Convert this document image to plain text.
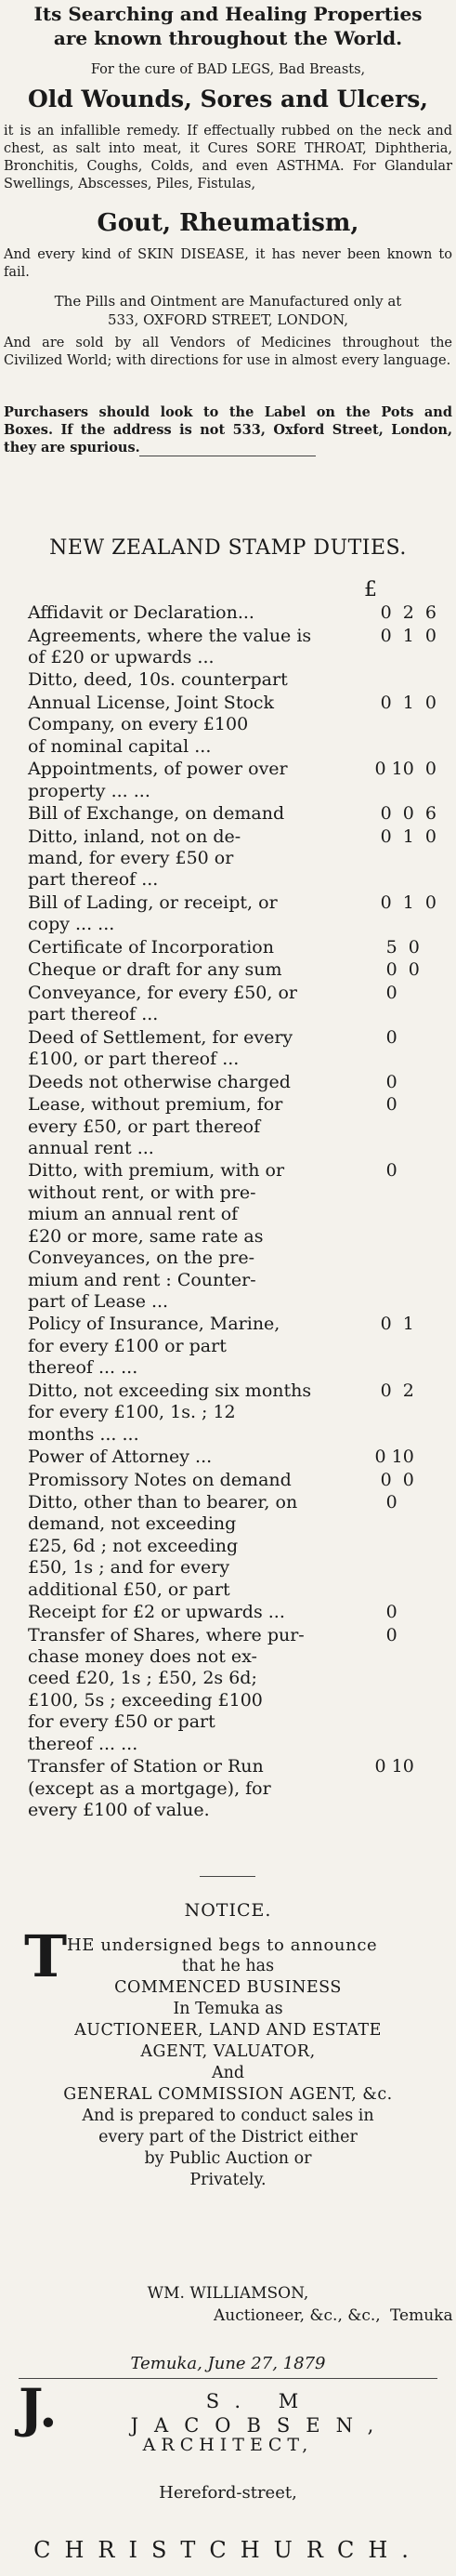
Its Searching and Healing Properties
are known throughout the World.
For the cure of BAD LEGS, Bad Breasts,
Old Wounds, Sores and Ulcers,
it is an infallible remedy. If effectually rubbed on the neck and chest, as salt into meat, it Cures SORE THROAT, Diphtheria, Bronchitis, Coughs, Colds, and even ASTHMA. For Glandular Swellings, Abscesses, Piles, Fistulas,
Gout, Rheumatism,
And every kind of SKIN DISEASE, it has never been known to fail.
The Pills and Ointment are Manufactured only at
533, OXFORD STREET, LONDON,
And are sold by all Vendors of Medicines throughout the Civilized World; with directions for use in almost every language.
Purchasers should look to the Label on the Pots and Boxes. If the address is not 533, Oxford Street, London, they are spurious.
NEW ZEALAND STAMP DUTIES.
£
0  2  6
Affidavit or Declaration...
0  1  0
Agreements, where the value is
of £20 or upwards ...
Ditto, deed, 10s. counterpart
0  1  0
Annual License, Joint Stock
Company, on every £100
of nominal capital ...
0 10  0
Appointments, of power over
property ... ...
0  0  6
Bill of Exchange, on demand
0  1  0
Ditto, inland, not on de-
mand, for every £50 or
part thereof ...
0  1  0
Bill of Lading, or receipt, or
copy ... ...
5  0
Certificate of Incorporation
0  0
Cheque or draft for any sum
0
Conveyance, for every £50, or
part thereof ...
0
Deed of Settlement, for every
£100, or part thereof ...
0
Deeds not otherwise charged
0
Lease, without premium, for
every £50, or part thereof
annual rent ...
0
Ditto, with premium, with or
without rent, or with pre-
mium an annual rent of
£20 or more, same rate as
Conveyances, on the pre-
mium and rent : Counter-
part of Lease ...
0  1
Policy of Insurance, Marine,
for every £100 or part
thereof ... ...
0  2
Ditto, not exceeding six months
for every £100, 1s. ; 12
months ... ...
0 10
Power of Attorney ...
0  0
Promissory Notes on demand
0
Ditto, other than to bearer, on
demand, not exceeding
£25, 6d ; not exceeding
£50, 1s ; and for every
additional £50, or part
0
Receipt for £2 or upwards ...
0
Transfer of Shares, where pur-
chase money does not ex-
ceed £20, 1s ; £50, 2s 6d;
£100, 5s ; exceeding £100
for every £50 or part
thereof ... ...
0 10
Transfer of Station or Run
(except as a mortgage), for
every £100 of value.
NOTICE.
T HE undersigned begs to announce
that he has
COMMENCED BUSINESS
In Temuka as
AUCTIONEER, LAND AND ESTATE
AGENT, VALUATOR,
And
GENERAL COMMISSION AGENT, &c.
And is prepared to conduct sales in
every part of the District either
by Public Auction or
Privately.
WM. WILLIAMSON,
Auctioneer, &c., &c., Temuka
Temuka, June 27, 1879
J.	S. M JACOBSEN,
ARCHITECT,
Hereford-street,
CHRISTCHURCH.
